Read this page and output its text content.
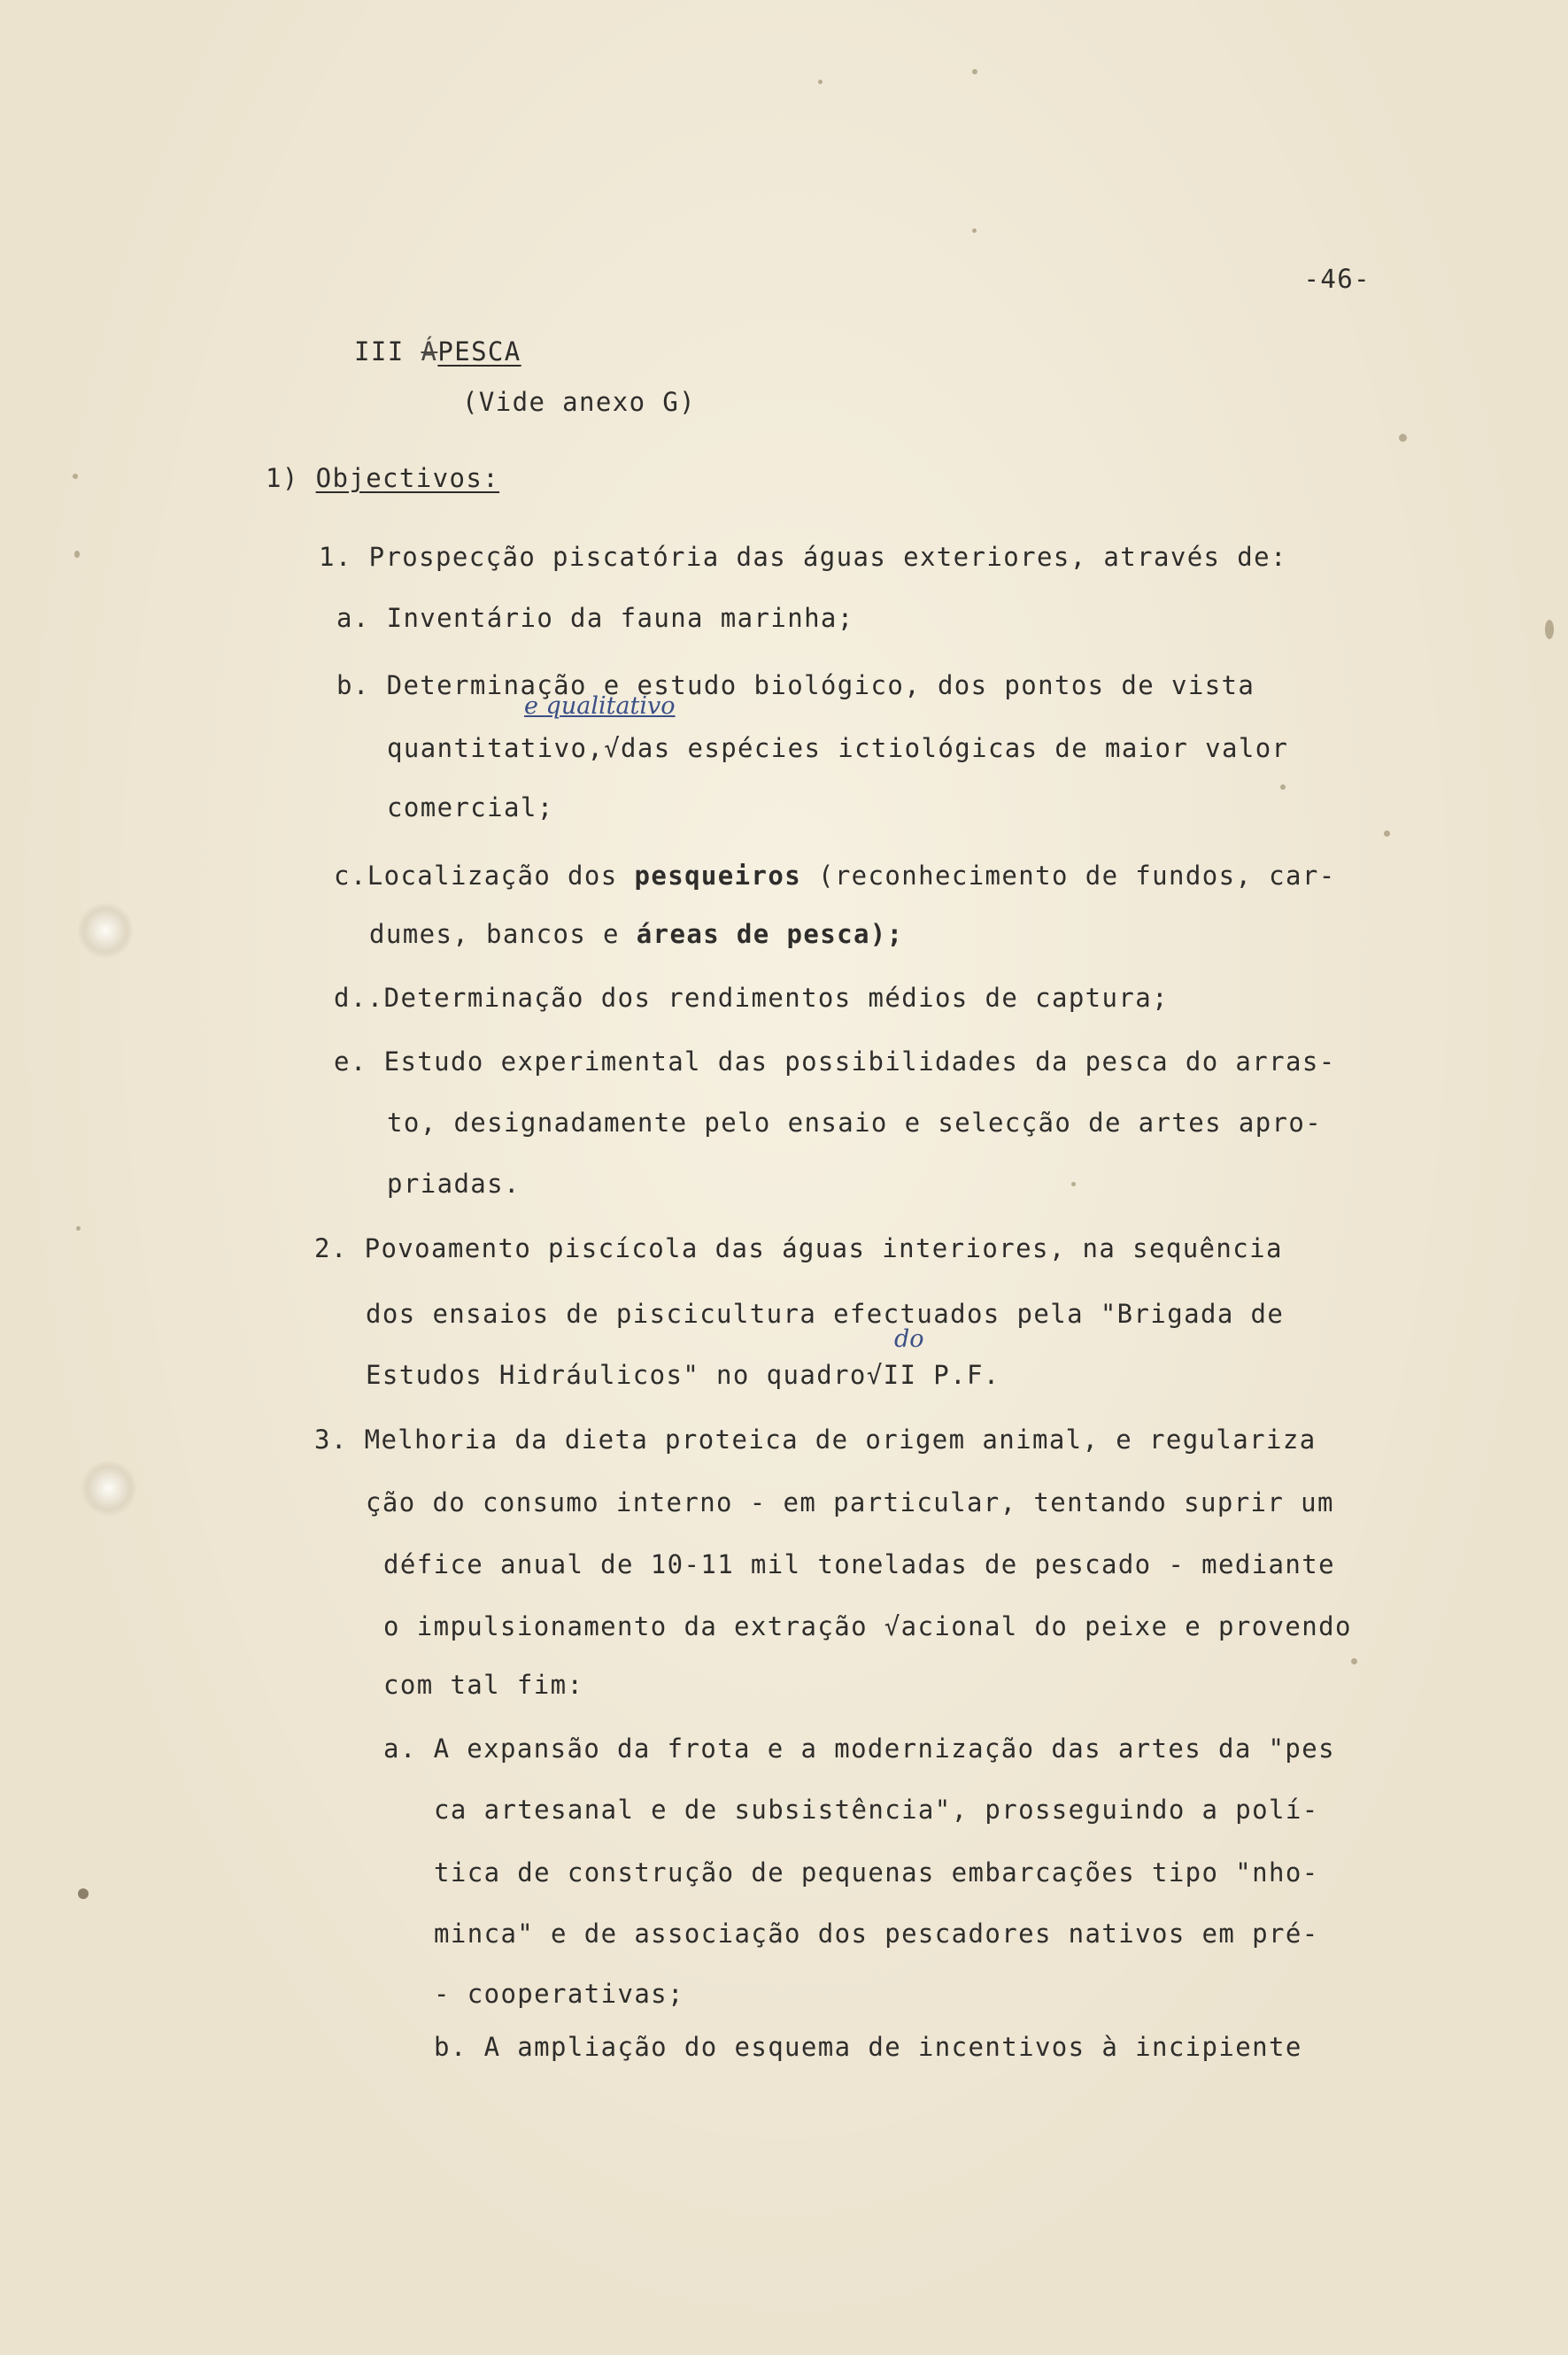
-46-
III ÁPESCA
(Vide anexo G)
1) Objectivos:
1. Prospecção piscatória das águas exteriores, através de:
a. Inventário da fauna marinha;
b. Determinação e estudo biológico, dos pontos de vista
e qualitativo
quantitativo,√das espécies ictiológicas de maior valor
comercial;
c.Localização dos pesqueiros (reconhecimento de fundos, car-
dumes, bancos e áreas de pesca);
d..Determinação dos rendimentos médios de captura;
e. Estudo experimental das possibilidades da pesca do arras-
to, designadamente pelo ensaio e selecção de artes apro-
priadas.
2. Povoamento piscícola das águas interiores, na sequência
dos ensaios de piscicultura efectuados pela "Brigada de
do
Estudos Hidráulicos" no quadro√II P.F.
3. Melhoria da dieta proteica de origem animal, e regulariza
ção do consumo interno - em particular, tentando suprir um
défice anual de 10-11 mil toneladas de pescado - mediante
o impulsionamento da extração √acional do peixe e provendo
com tal fim:
a. A expansão da frota e a modernização das artes da "pes
ca artesanal e de subsistência", prosseguindo a polí-
tica de construção de pequenas embarcações tipo "nho-
minca" e de associação dos pescadores nativos em pré-
- cooperativas;
b. A ampliação do esquema de incentivos à incipiente
